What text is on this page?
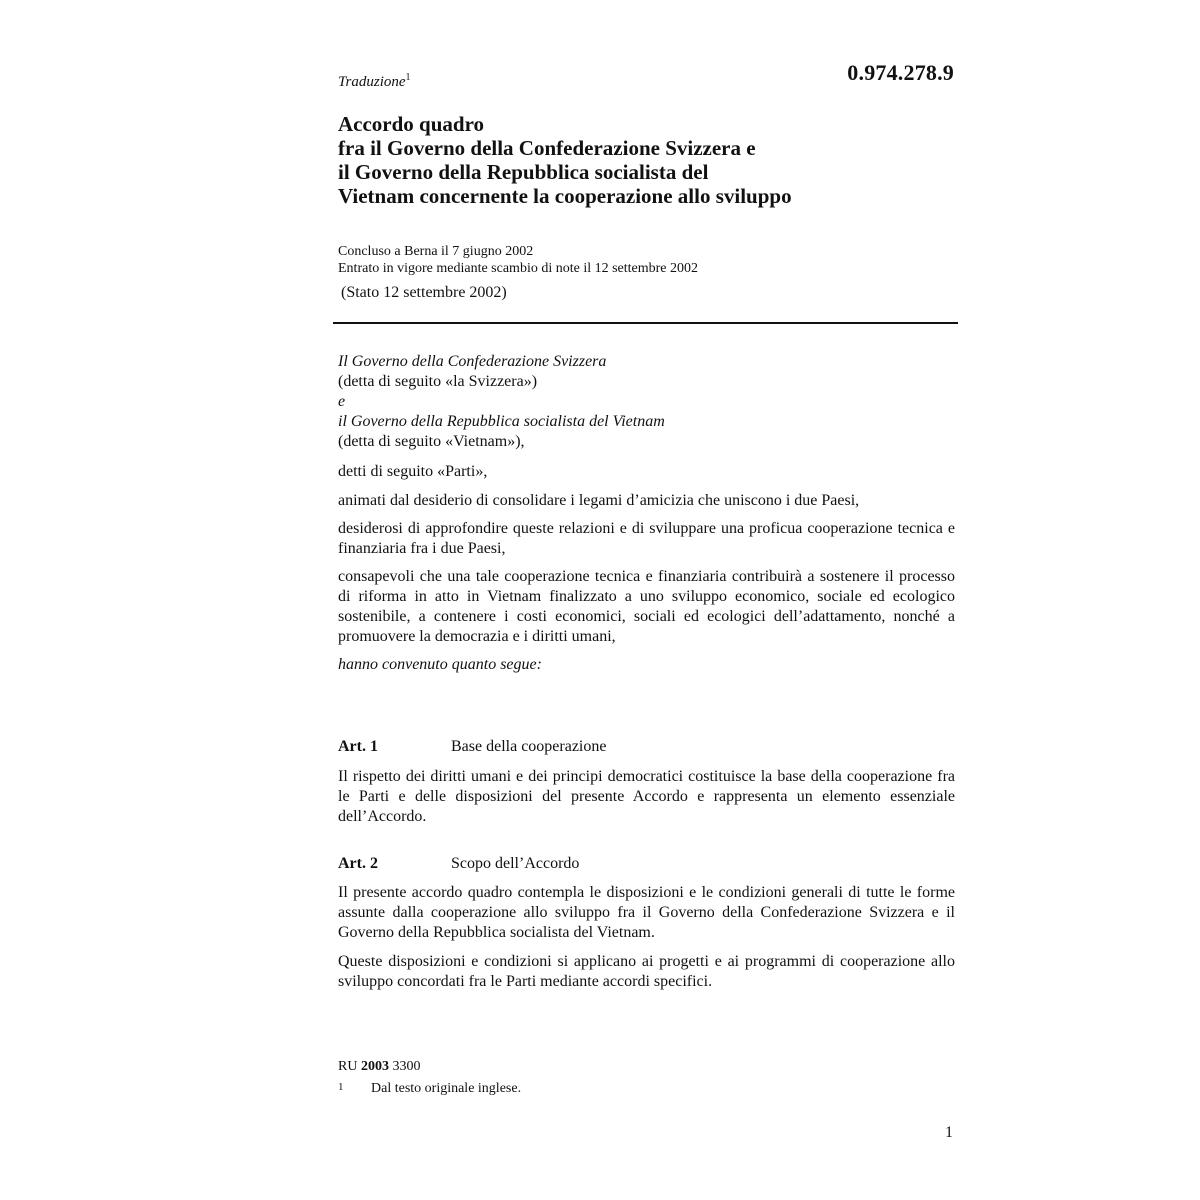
Traduzione$^1$	0.974.278.9
Accordo quadro
fra il Governo della Confederazione Svizzera e
il Governo della Repubblica socialista del
Vietnam concernente la cooperazione allo sviluppo
Concluso a Berna il 7 giugno 2002
Entrato in vigore mediante scambio di note il 12 settembre 2002
(Stato 12 settembre 2002)
Il Governo della Confederazione Svizzera
(detta di seguito «la Svizzera»)
e
il Governo della Repubblica socialista del Vietnam
(detta di seguito «Vietnam»),

detti di seguito «Parti»,

animati dal desiderio di consolidare i legami d’amicizia che uniscono i due Paesi,

desiderosi di approfondire queste relazioni e di sviluppare una proficua cooperazione tecnica e finanziaria fra i due Paesi,

consapevoli che una tale cooperazione tecnica e finanziaria contribuirà a sostenere il processo di riforma in atto in Vietnam finalizzato a uno sviluppo economico, sociale ed ecologico sostenibile, a contenere i costi economici, sociali ed ecologici dell’adattamento, nonché a promuovere la democrazia e i diritti umani,

hanno convenuto quanto segue:

Art. 1	Base della cooperazione

Il rispetto dei diritti umani e dei principi democratici costituisce la base della cooperazione fra le Parti e delle disposizioni del presente Accordo e rappresenta un elemento essenziale dell’Accordo.

Art. 2	Scopo dell’Accordo

Il presente accordo quadro contempla le disposizioni e le condizioni generali di tutte le forme assunte dalla cooperazione allo sviluppo fra il Governo della Confederazione Svizzera e il Governo della Repubblica socialista del Vietnam.

Queste disposizioni e condizioni si applicano ai progetti e ai programmi di cooperazione allo sviluppo concordati fra le Parti mediante accordi specifici.

RU 2003 3300
1 Dal testo originale inglese.
1
